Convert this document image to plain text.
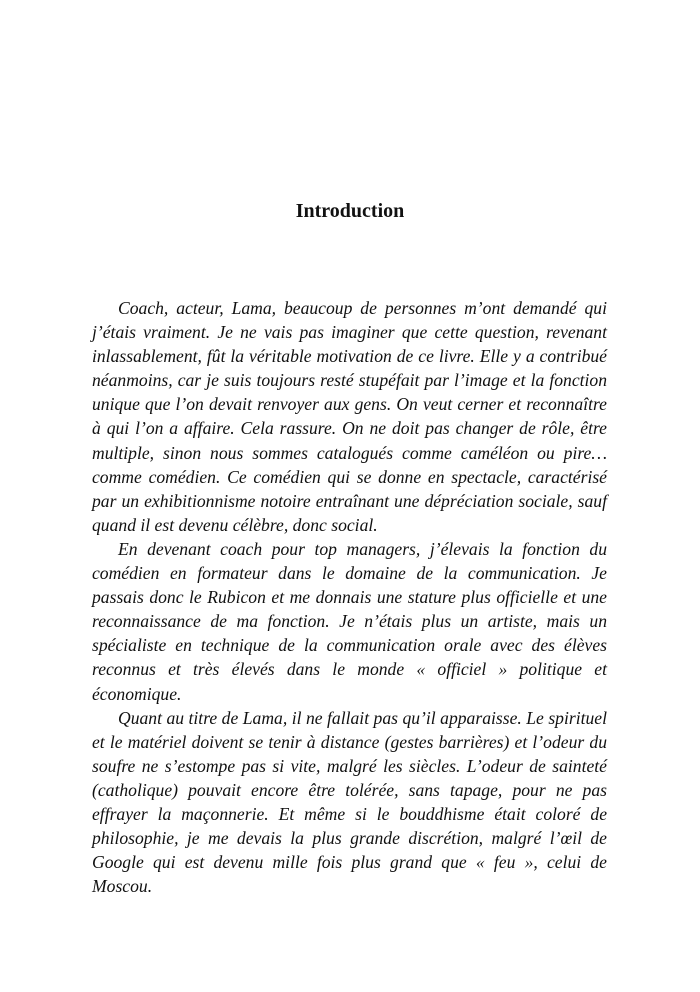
Introduction

Coach, acteur, Lama, beaucoup de personnes m’ont demandé qui j’étais vraiment. Je ne vais pas imaginer que cette question, revenant inlassablement, fût la véritable motivation de ce livre. Elle y a contribué néanmoins, car je suis toujours resté stupéfait par l’image et la fonction unique que l’on devait renvoyer aux gens. On veut cerner et reconnaître à qui l’on a affaire. Cela rassure. On ne doit pas changer de rôle, être multiple, sinon nous sommes catalogués comme caméléon ou pire… comme comédien. Ce comédien qui se donne en spectacle, caractérisé par un exhibitionnisme notoire entraînant une dépréciation sociale, sauf quand il est devenu célèbre, donc social.

En devenant coach pour top managers, j’élevais la fonction du comédien en formateur dans le domaine de la communication. Je passais donc le Rubicon et me donnais une stature plus officielle et une reconnaissance de ma fonction. Je n’étais plus un artiste, mais un spécialiste en technique de la communication orale avec des élèves reconnus et très élevés dans le monde « officiel » politique et économique.

Quant au titre de Lama, il ne fallait pas qu’il apparaisse. Le spirituel et le matériel doivent se tenir à distance (gestes barrières) et l’odeur du soufre ne s’estompe pas si vite, malgré les siècles. L’odeur de sainteté (catholique) pouvait encore être tolérée, sans tapage, pour ne pas effrayer la maçonnerie. Et même si le bouddhisme était coloré de philosophie, je me devais la plus grande discrétion, malgré l’œil de Google qui est devenu mille fois plus grand que « feu », celui de Moscou.
